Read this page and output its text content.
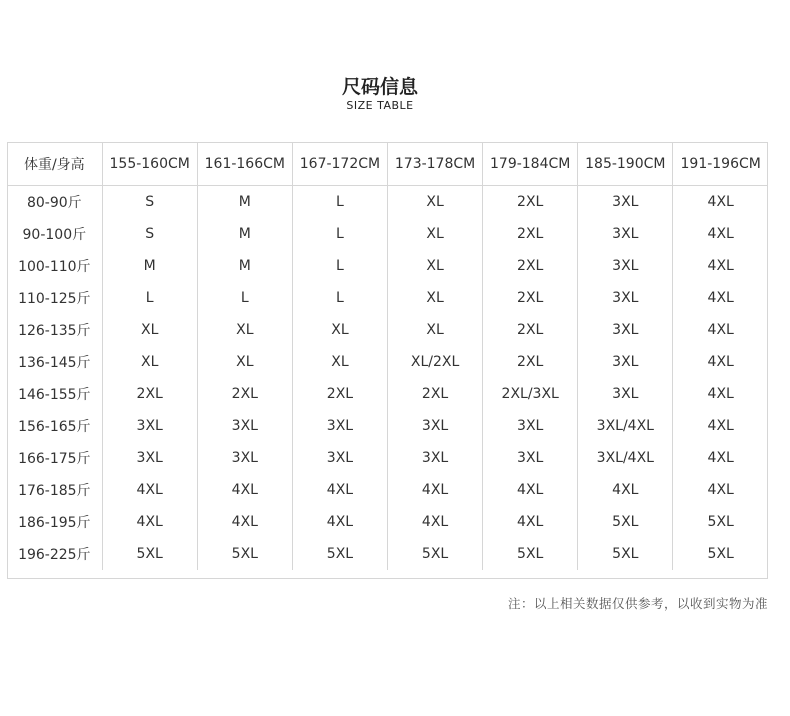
尺码信息
SIZE TABLE
体重/身高	155-160CM	161-166CM	167-172CM	173-178CM	179-184CM	185-190CM	191-196CM
80-90斤	S	M	L	XL	2XL	3XL	4XL
90-100斤	S	M	L	XL	2XL	3XL	4XL
100-110斤	M	M	L	XL	2XL	3XL	4XL
110-125斤	L	L	L	XL	2XL	3XL	4XL
126-135斤	XL	XL	XL	XL	2XL	3XL	4XL
136-145斤	XL	XL	XL	XL/2XL	2XL	3XL	4XL
146-155斤	2XL	2XL	2XL	2XL	2XL/3XL	3XL	4XL
156-165斤	3XL	3XL	3XL	3XL	3XL	3XL/4XL	4XL
166-175斤	3XL	3XL	3XL	3XL	3XL	3XL/4XL	4XL
176-185斤	4XL	4XL	4XL	4XL	4XL	4XL	4XL
186-195斤	4XL	4XL	4XL	4XL	4XL	5XL	5XL
196-225斤	5XL	5XL	5XL	5XL	5XL	5XL	5XL
注：以上相关数据仅供参考，以收到实物为准
